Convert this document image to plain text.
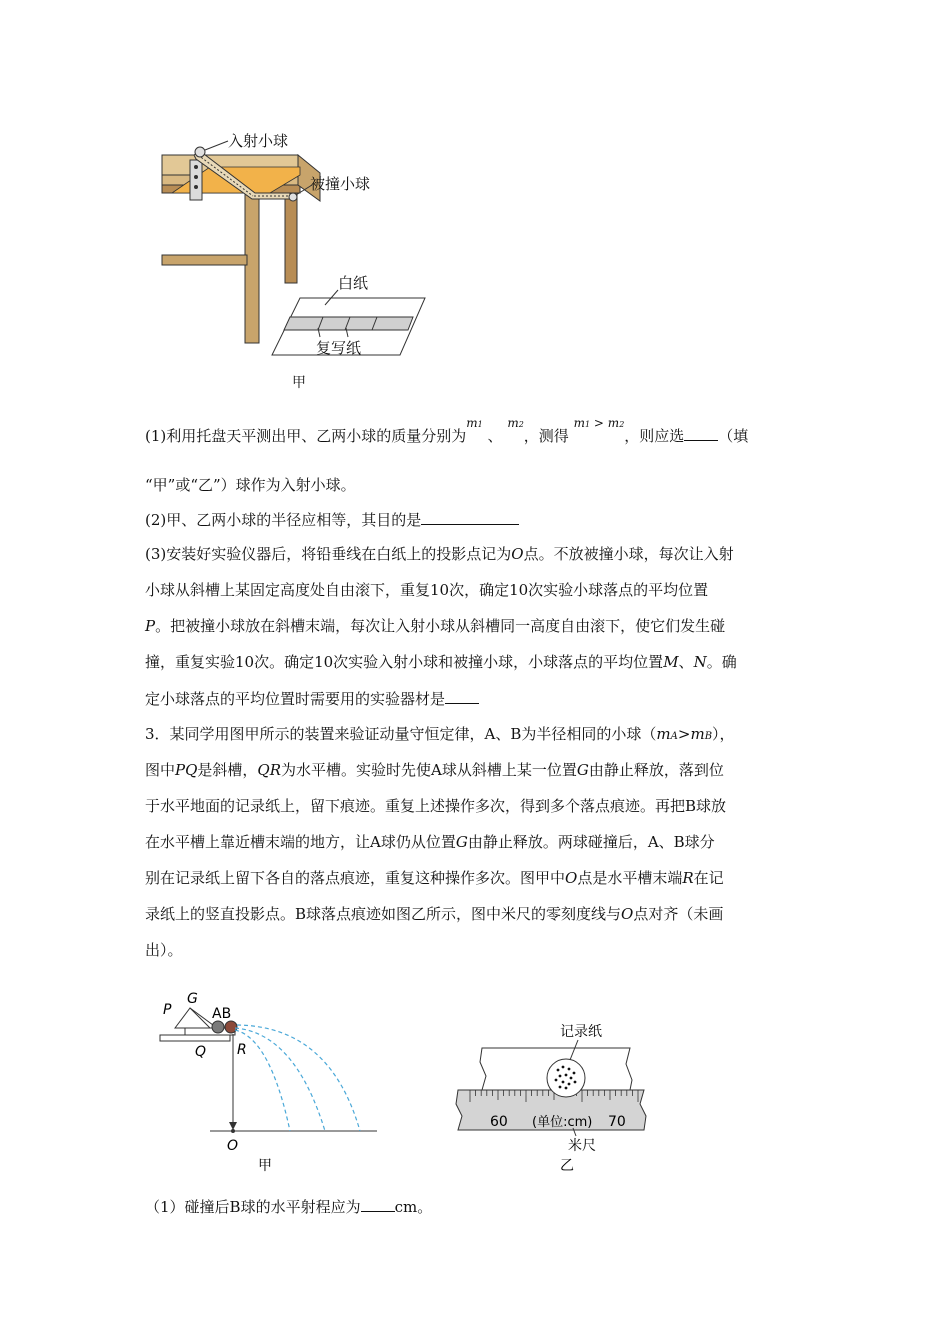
入射小球
被撞小球
白纸
复写纸
甲
(1)利用托盘天平测出甲、乙两小球的质量分别为$^{m1}$ 、 $^{m2}$，测得 $^{m1 > m2}$，则应选 （填
“甲”或“乙”）球作为入射小球。
(2)甲、乙两小球的半径应相等，其目的是
(3)安装好实验仪器后，将铅垂线在白纸上的投影点记为O点。不放被撞小球，每次让入射
小球从斜槽上某固定高度处自由滚下，重复10次，确定10次实验小球落点的平均位置
P。把被撞小球放在斜槽末端，每次让入射小球从斜槽同一高度自由滚下，使它们发生碰
撞，重复实验10次。确定10次实验入射小球和被撞小球，小球落点的平均位置M、N。确
定小球落点的平均位置时需要用的实验器材是
3．某同学用图甲所示的装置来验证动量守恒定律，A、B为半径相同的小球（mA>mB），
图中PQ是斜槽，QR为水平槽。实验时先使A球从斜槽上某一位置G由静止释放，落到位
于水平地面的记录纸上，留下痕迹。重复上述操作多次，得到多个落点痕迹。再把B球放
在水平槽上靠近槽末端的地方，让A球仍从位置G由静止释放。两球碰撞后，A、B球分
别在记录纸上留下各自的落点痕迹，重复这种操作多次。图甲中O点是水平槽末端R在记
录纸上的竖直投影点。B球落点痕迹如图乙所示，图中米尺的零刻度线与O点对齐（未画
出）。
P
G
AB
Q R
O
甲
记录纸
60 (单位:cm) 70
米尺
乙
（1）碰撞后B球的水平射程应为 cm。
